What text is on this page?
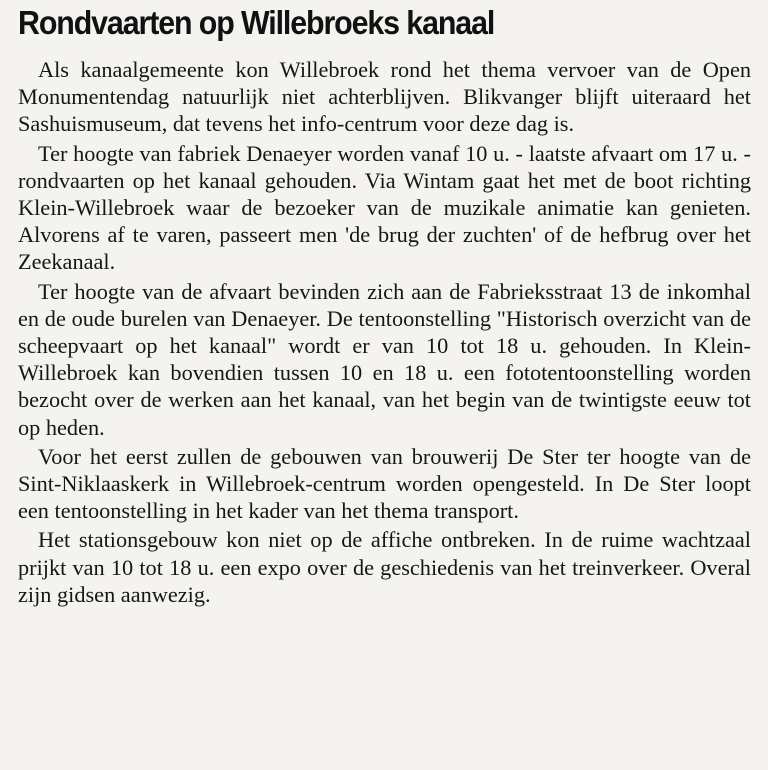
Rondvaarten op Willebroeks kanaal

Als kanaalgemeente kon Willebroek rond het thema vervoer van de Open Monumentendag natuurlijk niet achterblijven. Blikvanger blijft uiteraard het Sashuismuseum, dat tevens het info-centrum voor deze dag is.

Ter hoogte van fabriek Denaeyer worden vanaf 10 u. - laatste afvaart om 17 u. - rondvaarten op het kanaal gehouden. Via Wintam gaat het met de boot richting Klein-Willebroek waar de bezoeker van de muzikale animatie kan genieten. Alvorens af te varen, passeert men 'de brug der zuchten' of de hefbrug over het Zeekanaal.

Ter hoogte van de afvaart bevinden zich aan de Fabrieksstraat 13 de inkomhal en de oude burelen van Denaeyer. De tentoonstelling "Historisch overzicht van de scheepvaart op het kanaal" wordt er van 10 tot 18 u. gehouden. In Klein-Willebroek kan bovendien tussen 10 en 18 u. een fototentoonstelling worden bezocht over de werken aan het kanaal, van het begin van de twintigste eeuw tot op heden.

Voor het eerst zullen de gebouwen van brouwerij De Ster ter hoogte van de Sint-Niklaaskerk in Willebroek-centrum worden opengesteld. In De Ster loopt een tentoonstelling in het kader van het thema transport.

Het stationsgebouw kon niet op de affiche ontbreken. In de ruime wachtzaal prijkt van 10 tot 18 u. een expo over de geschiedenis van het treinverkeer. Overal zijn gidsen aanwezig.
